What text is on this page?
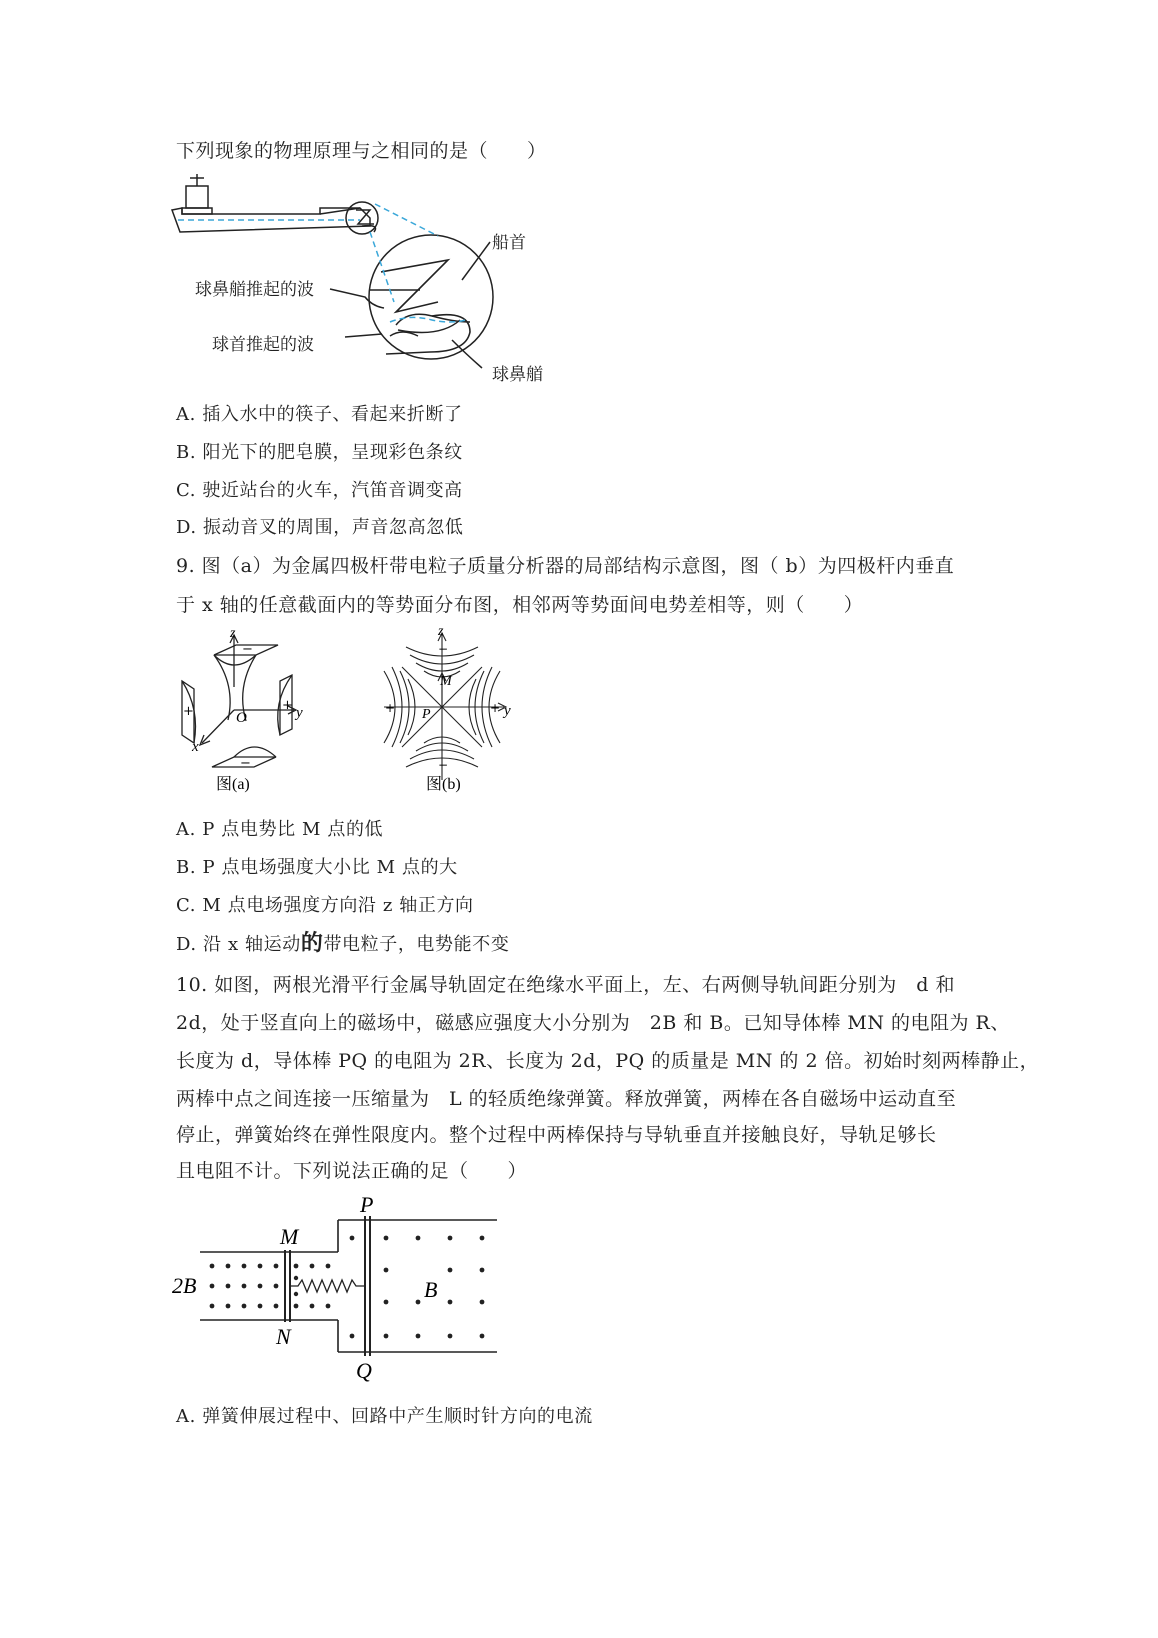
下列现象的物理原理与之相同的是（　　）
船首
球鼻艏推起的波
球首推起的波
球鼻艏
A. 插入水中的筷子、看起来折断了
B. 阳光下的肥皂膜，呈现彩色条纹
C. 驶近站台的火车，汽笛音调变高
D. 振动音叉的周围，声音忽高忽低
9. 图（a）为金属四极杆带电粒子质量分析器的局部结构示意图，图（ b）为四极杆内垂直
于 x 轴的任意截面内的等势面分布图，相邻两等势面间电势差相等，则（　　）
z
y
x
O
−
−
+	+
图(a)
z
y
M
P
−
−
+	+
图(b)
A. P 点电势比 M 点的低
B. P 点电场强度大小比 M 点的大
C. M 点电场强度方向沿 z 轴正方向
D. 沿 x 轴运动的带电粒子，电势能不变
10. 如图，两根光滑平行金属导轨固定在绝缘水平面上，左、右两侧导轨间距分别为　d 和
2d，处于竖直向上的磁场中，磁感应强度大小分别为　2B 和 B。已知导体棒 MN 的电阻为 R、
长度为 d，导体棒 PQ 的电阻为 2R、长度为 2d，PQ 的质量是 MN 的 2 倍。初始时刻两棒静止，
两棒中点之间连接一压缩量为　L 的轻质绝缘弹簧。释放弹簧，两棒在各自磁场中运动直至
停止，弹簧始终在弹性限度内。整个过程中两棒保持与导轨垂直并接触良好，导轨足够长
且电阻不计。下列说法正确的足（　　）
P
Q
M
N
2B	B
A. 弹簧伸展过程中、回路中产生顺时针方向的电流
